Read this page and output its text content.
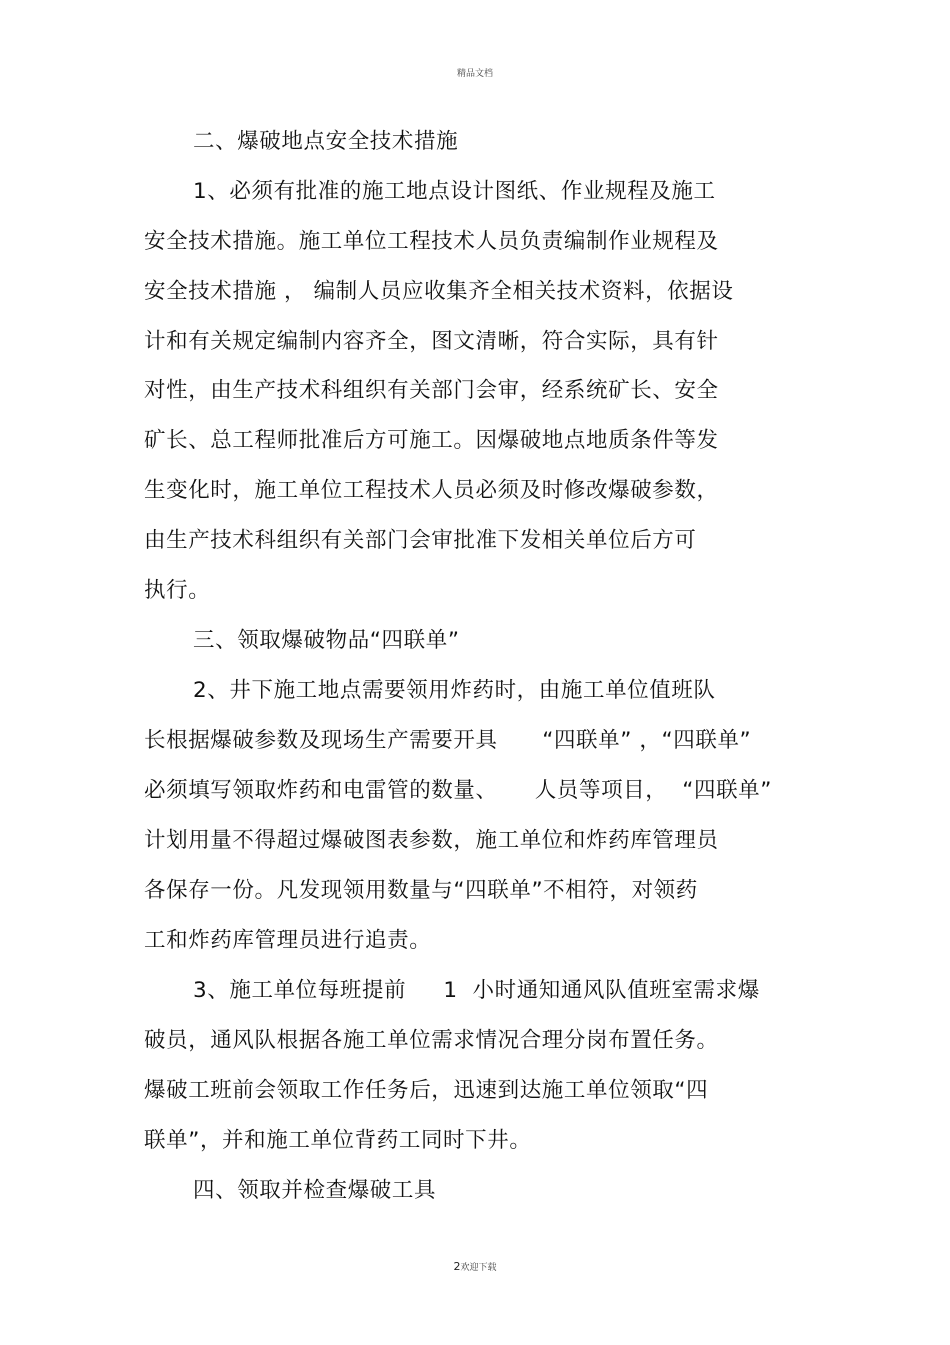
精品文档
二、爆破地点安全技术措施
1、必须有批准的施工地点设计图纸、作业规程及施工
安全技术措施。施工单位工程技术人员负责编制作业规程及
安全技术措施 ， 编制人员应收集齐全相关技术资料，依据设
计和有关规定编制内容齐全，图文清晰，符合实际，具有针
对性，由生产技术科组织有关部门会审，经系统矿长、安全
矿长、总工程师批准后方可施工。因爆破地点地质条件等发
生变化时，施工单位工程技术人员必须及时修改爆破参数，
由生产技术科组织有关部门会审批准下发相关单位后方可
执行。
三、领取爆破物品“四联单”
2、井下施工地点需要领用炸药时，由施工单位值班队
长根据爆破参数及现场生产需要开具      “四联单” ，“四联单”
必须填写领取炸药和电雷管的数量、     人员等项目，  “四联单”
计划用量不得超过爆破图表参数，施工单位和炸药库管理员
各保存一份。凡发现领用数量与“四联单”不相符，对领药
工和炸药库管理员进行追责。
3、施工单位每班提前     1  小时通知通风队值班室需求爆
破员，通风队根据各施工单位需求情况合理分岗布置任务。
爆破工班前会领取工作任务后，迅速到达施工单位领取“四
联单”，并和施工单位背药工同时下井。
四、领取并检查爆破工具
2欢迎下载
